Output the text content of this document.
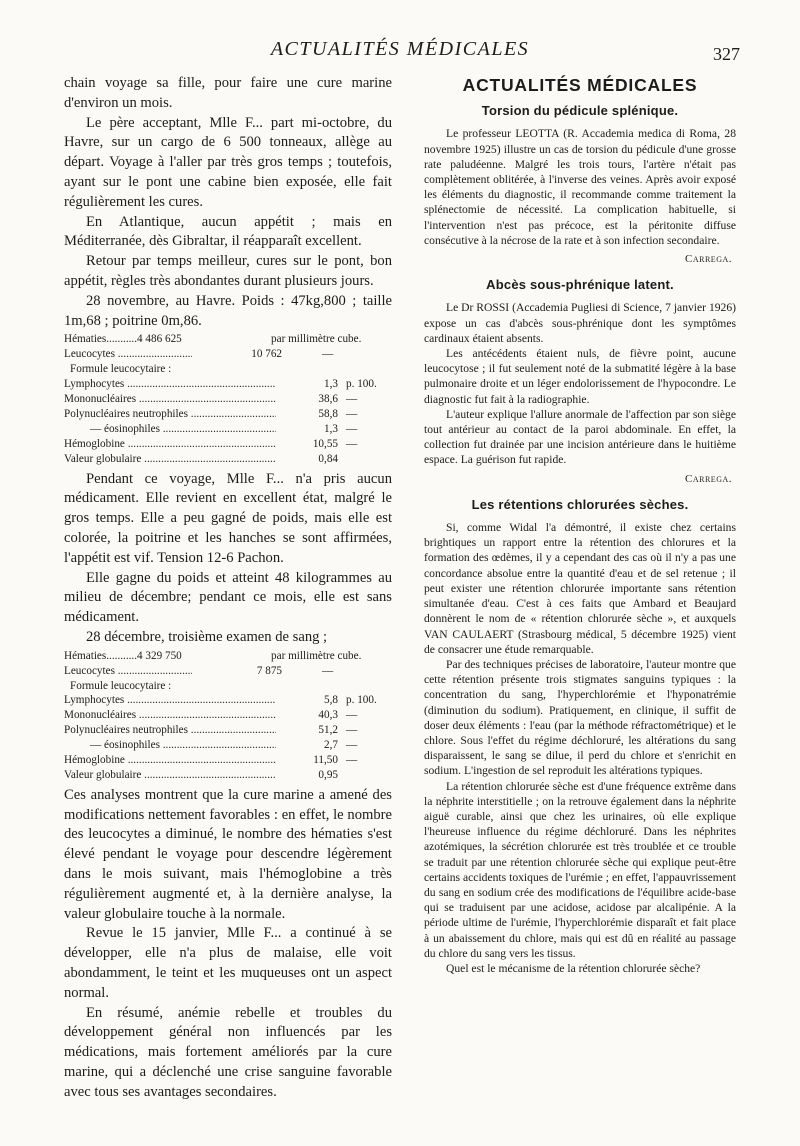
ACTUALITÉS MÉDICALES	327

chain voyage sa fille, pour faire une cure marine d'environ un mois.

Le père acceptant, Mlle F... part mi-octobre, du Havre, sur un cargo de 6 500 tonneaux, allège au départ. Voyage à l'aller par très gros temps ; toutefois, ayant sur le pont une cabine bien exposée, elle fait régulièrement les cures.

En Atlantique, aucun appétit ; mais en Méditerranée, dès Gibraltar, il réapparaît excellent.

Retour par temps meilleur, cures sur le pont, bon appétit, règles très abondantes durant plusieurs jours.

28 novembre, au Havre. Poids : 47kg,800 ; taille 1m,68 ; poitrine 0m,86.

Hématies ........... 4 486 625	par millimètre cube.
Leucocytes .....	10 762	—
Formule leucocytaire :
Lymphocytes .....	1,3 p. 100.
Mononucléaires .....	38,6 —
Polynucléaires neutrophiles .....	58,8 —
— éosinophiles .....	1,3 —
Hémoglobine .....	10,55 —
Valeur globulaire .....	0,84

Pendant ce voyage, Mlle F... n'a pris aucun médicament. Elle revient en excellent état, malgré le gros temps. Elle a peu gagné de poids, mais elle est colorée, la poitrine et les hanches se sont affirmées, l'appétit est vif. Tension 12-6 Pachon.

Elle gagne du poids et atteint 48 kilogrammes au milieu de décembre; pendant ce mois, elle est sans médicament.

28 décembre, troisième examen de sang ;

Hématies ........... 4 329 750	par millimètre cube.
Leucocytes .....	7 875	—
Formule leucocytaire :
Lymphocytes .....	5,8 p. 100.
Mononucléaires .....	40,3 —
Polynucléaires neutrophiles .....	51,2 —
— éosinophiles .....	2,7 —
Hémoglobine .....	11,50 —
Valeur globulaire .....	0,95

Ces analyses montrent que la cure marine a amené des modifications nettement favorables : en effet, le nombre des leucocytes a diminué, le nombre des hématies s'est élevé pendant le voyage pour descendre légèrement dans le mois suivant, mais l'hémoglobine a très régulièrement augmenté et, à la dernière analyse, la valeur globulaire touche à la normale.

Revue le 15 janvier, Mlle F... a continué à se développer, elle n'a plus de malaise, elle voit abondamment, le teint et les muqueuses ont un aspect normal.

En résumé, anémie rebelle et troubles du développement général non influencés par les médications, mais fortement améliorés par la cure marine, qui a déclenché une crise sanguine favorable avec tous ses avantages secondaires.

ACTUALITÉS MÉDICALES
Torsion du pédicule splénique.

Le professeur LEOTTA (R. Accademia medica di Roma, 28 novembre 1925) illustre un cas de torsion du pédicule d'une grosse rate paludéenne. Malgré les trois tours, l'artère n'était pas complètement oblitérée, à l'inverse des veines. Après avoir exposé les éléments du diagnostic, il recommande comme traitement la splénectomie de nécessité. La complication habituelle, si l'intervention n'est pas précoce, est la péritonite diffuse consécutive à la nécrose de la rate et à son infection secondaire.

Carrega.
Abcès sous-phrénique latent.

Le Dr ROSSI (Accademia Pugliesi di Science, 7 janvier 1926) expose un cas d'abcès sous-phrénique dont les symptômes cardinaux étaient absents.

Les antécédents étaient nuls, de fièvre point, aucune leucocytose ; il fut seulement noté de la submatité légère à la base pulmonaire droite et un léger endolorissement de l'hypocondre. Le diagnostic fut fait à la radiographie.

L'auteur explique l'allure anormale de l'affection par son siège tout antérieur au contact de la paroi abdominale. En effet, la collection fut drainée par une incision antérieure dans le huitième espace. La guérison fut rapide.

Carrega.
Les rétentions chlorurées sèches.

Si, comme Widal l'a démontré, il existe chez certains brightiques un rapport entre la rétention des chlorures et la formation des œdèmes, il y a cependant des cas où il n'y a pas une concordance absolue entre la quantité d'eau et de sel retenue ; il peut exister une rétention chlorurée importante sans rétention simultanée d'eau. C'est à ces faits que Ambard et Beaujard donnèrent le nom de « rétention chlorurée sèche », et auxquels VAN CAULAERT (Strasbourg médical, 5 décembre 1925) vient de consacrer une étude remarquable.

Par des techniques précises de laboratoire, l'auteur montre que cette rétention présente trois stigmates sanguins typiques : la concentration du sang, l'hyperchlorémie et l'hyponatrémie (diminution du sodium). Pratiquement, en clinique, il suffit de doser deux éléments : l'eau (par la méthode réfractométrique) et le chlore. Sous l'effet du régime déchloruré, les altérations du sang disparaissent, le sang se dilue, il perd du chlore et s'enrichit en sodium. L'ingestion de sel reproduit les altérations typiques.

La rétention chlorurée sèche est d'une fréquence extrême dans la néphrite interstitielle ; on la retrouve également dans la néphrite aiguë curable, ainsi que chez les urinaires, où elle explique l'heureuse influence du régime déchloruré. Dans les néphrites azotémiques, la sécrétion chlorurée est très troublée et ce trouble se traduit par une rétention chlorurée sèche qui explique peut-être certains accidents toxiques de l'urémie ; en effet, l'appauvrissement du sang en sodium crée des modifications de l'équilibre acide-base qui se traduisent par une acidose, acidose par alcalipénie. A la période ultime de l'urémie, l'hyperchlorémie disparaît et fait place à un abaissement du chlore, mais qui est dû en réalité au passage du chlore du sang vers les tissus.

Quel est le mécanisme de la rétention chlorurée sèche?
